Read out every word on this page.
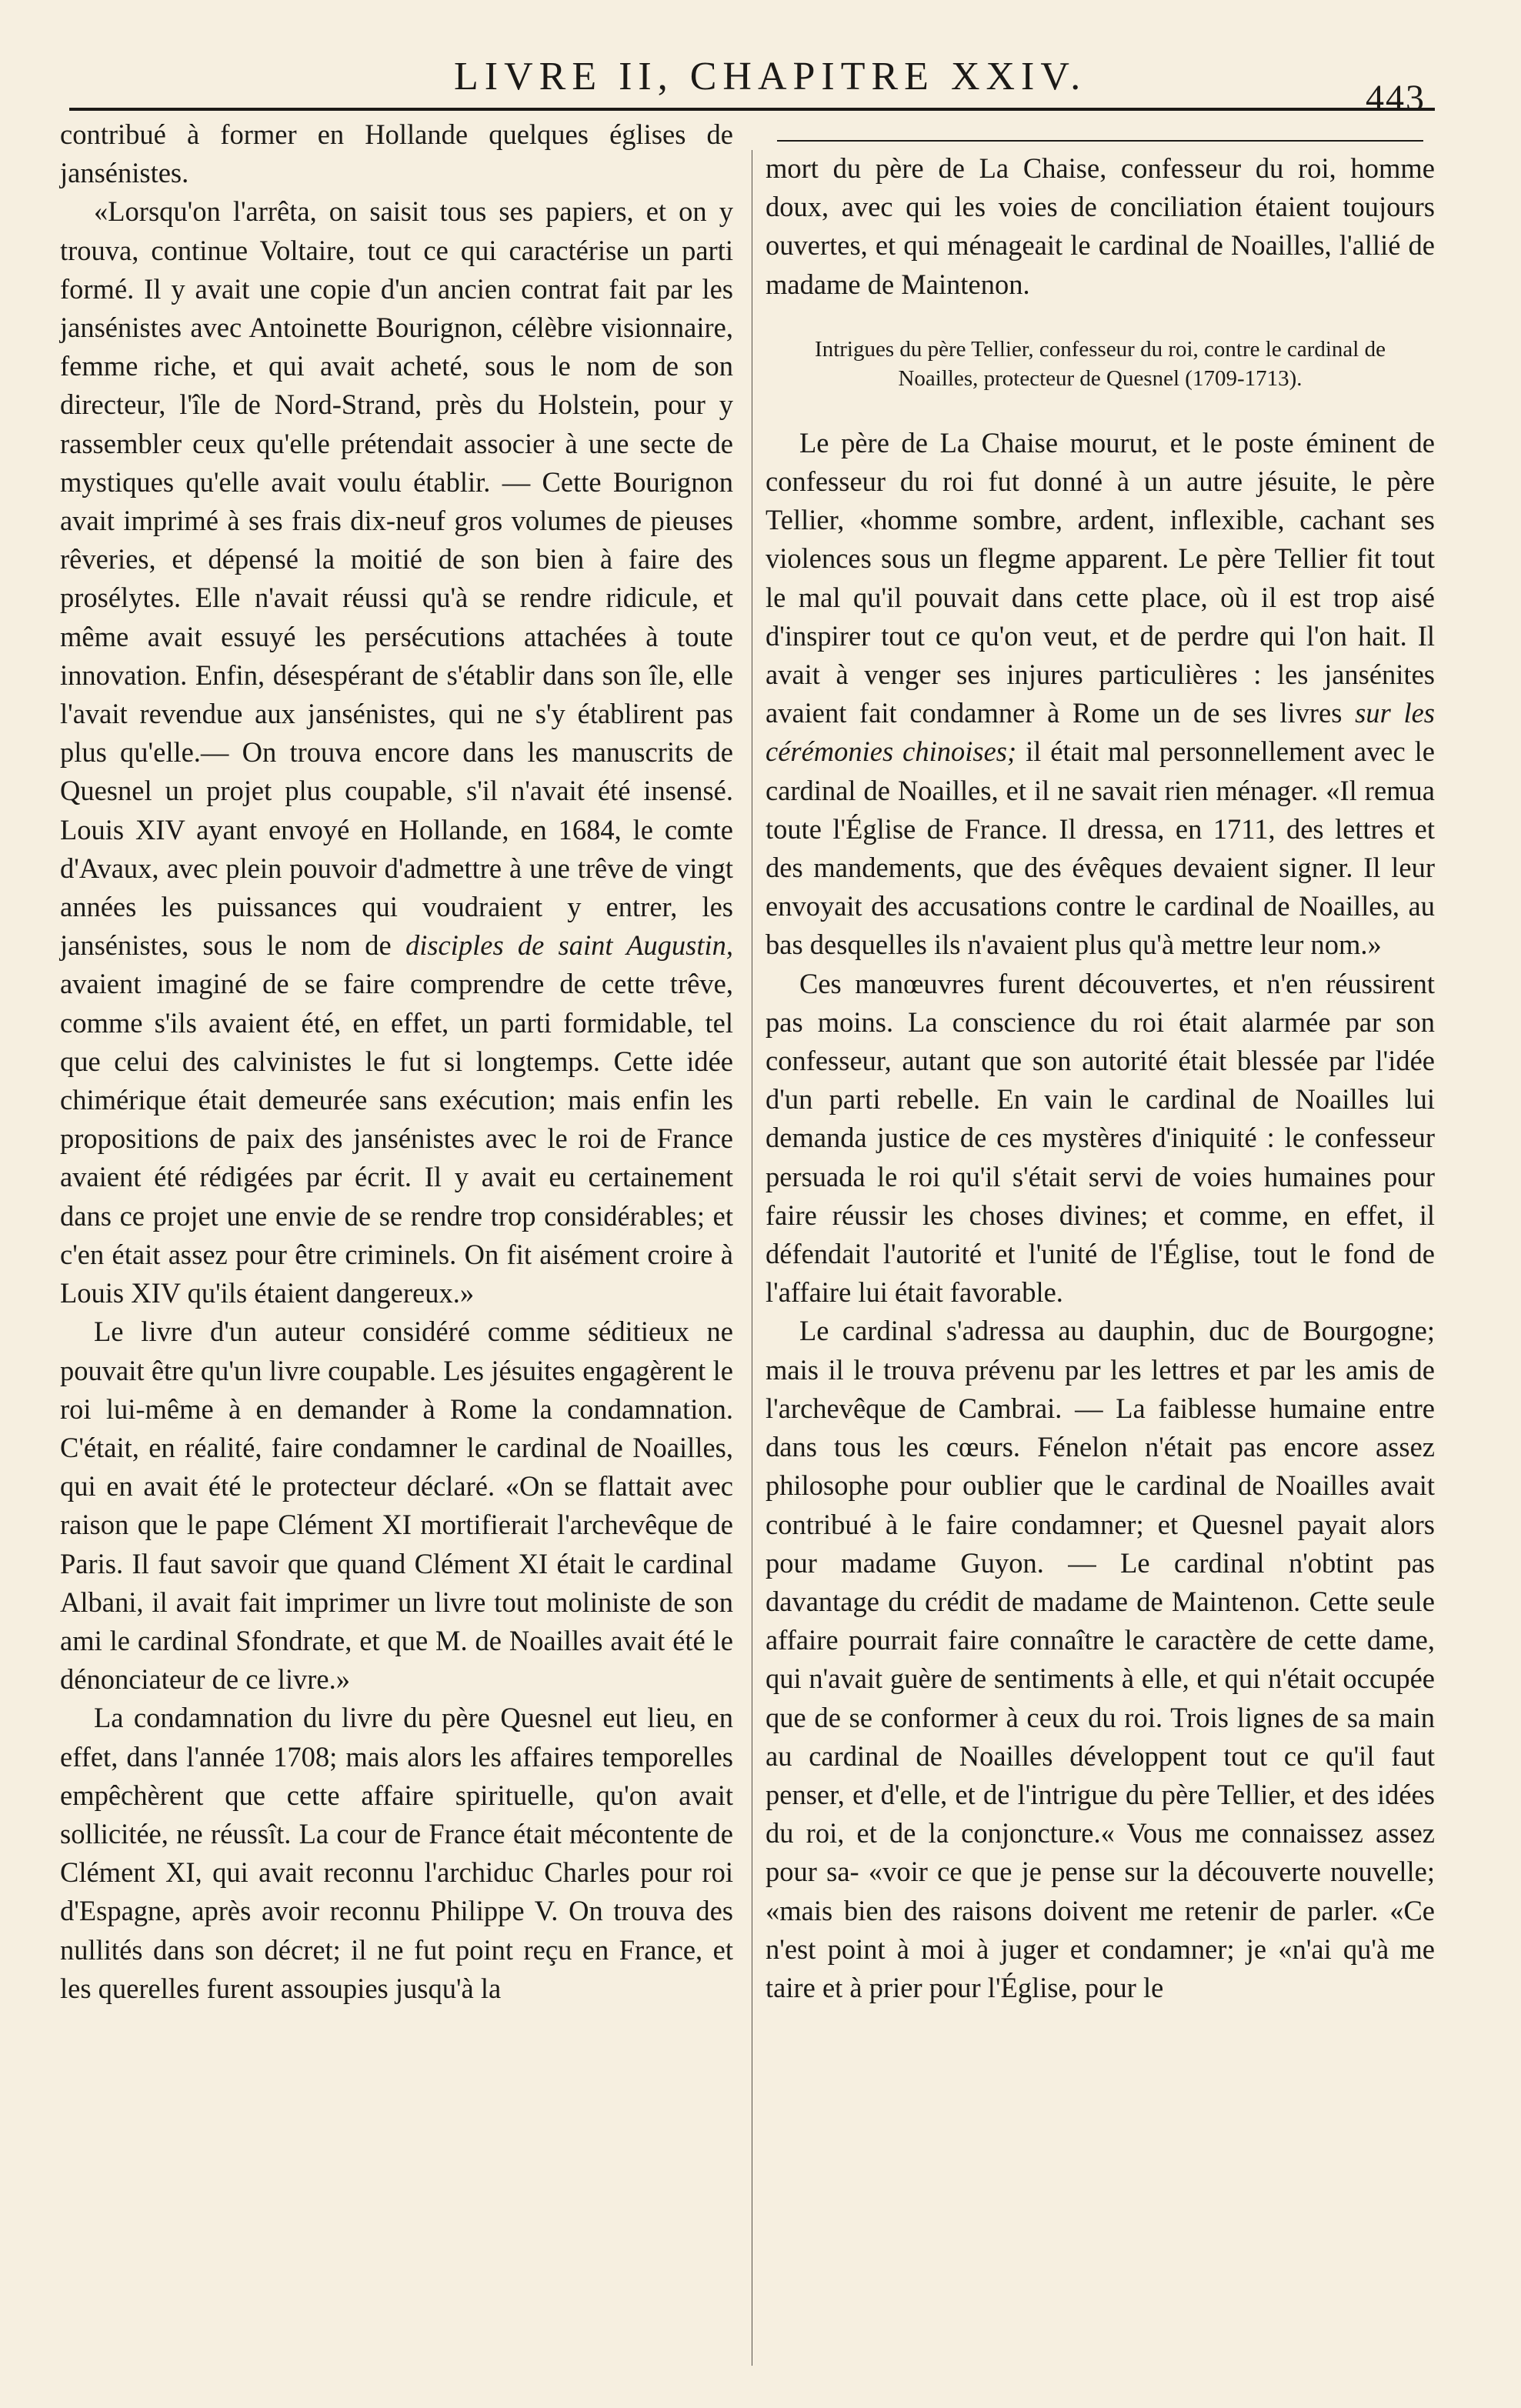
LIVRE II, CHAPITRE XXIV.	443

contribué à former en Hollande quelques églises de jansénistes.

«Lorsqu'on l'arrêta, on saisit tous ses papiers, et on y trouva, continue Voltaire, tout ce qui caractérise un parti formé. Il y avait une copie d'un ancien contrat fait par les jansénistes avec Antoinette Bourignon, célèbre visionnaire, femme riche, et qui avait acheté, sous le nom de son directeur, l'île de Nord-Strand, près du Holstein, pour y rassembler ceux qu'elle prétendait associer à une secte de mystiques qu'elle avait voulu établir. — Cette Bourignon avait imprimé à ses frais dix-neuf gros volumes de pieuses rêveries, et dépensé la moitié de son bien à faire des prosélytes. Elle n'avait réussi qu'à se rendre ridicule, et même avait essuyé les persécutions attachées à toute innovation. Enfin, désespérant de s'établir dans son île, elle l'avait revendue aux jansénistes, qui ne s'y établirent pas plus qu'elle.— On trouva encore dans les manuscrits de Quesnel un projet plus coupable, s'il n'avait été insensé. Louis XIV ayant envoyé en Hollande, en 1684, le comte d'Avaux, avec plein pouvoir d'admettre à une trêve de vingt années les puissances qui voudraient y entrer, les jansénistes, sous le nom de disciples de saint Augustin, avaient imaginé de se faire comprendre de cette trêve, comme s'ils avaient été, en effet, un parti formidable, tel que celui des calvinistes le fut si longtemps. Cette idée chimérique était demeurée sans exécution; mais enfin les propositions de paix des jansénistes avec le roi de France avaient été rédigées par écrit. Il y avait eu certainement dans ce projet une envie de se rendre trop considérables; et c'en était assez pour être criminels. On fit aisément croire à Louis XIV qu'ils étaient dangereux.»

Le livre d'un auteur considéré comme séditieux ne pouvait être qu'un livre coupable. Les jésuites engagèrent le roi lui-même à en demander à Rome la condamnation. C'était, en réalité, faire condamner le cardinal de Noailles, qui en avait été le protecteur déclaré. «On se flattait avec raison que le pape Clément XI mortifierait l'archevêque de Paris. Il faut savoir que quand Clément XI était le cardinal Albani, il avait fait imprimer un livre tout moliniste de son ami le cardinal Sfondrate, et que M. de Noailles avait été le dénonciateur de ce livre.»

La condamnation du livre du père Quesnel eut lieu, en effet, dans l'année 1708; mais alors les affaires temporelles empêchèrent que cette affaire spirituelle, qu'on avait sollicitée, ne réussît. La cour de France était mécontente de Clément XI, qui avait reconnu l'archiduc Charles pour roi d'Espagne, après avoir reconnu Philippe V. On trouva des nullités dans son décret; il ne fut point reçu en France, et les querelles furent assoupies jusqu'à la

mort du père de La Chaise, confesseur du roi, homme doux, avec qui les voies de conciliation étaient toujours ouvertes, et qui ménageait le cardinal de Noailles, l'allié de madame de Maintenon.

Intrigues du père Tellier, confesseur du roi, contre le cardinal de Noailles, protecteur de Quesnel (1709-1713).

Le père de La Chaise mourut, et le poste éminent de confesseur du roi fut donné à un autre jésuite, le père Tellier, «homme sombre, ardent, inflexible, cachant ses violences sous un flegme apparent. Le père Tellier fit tout le mal qu'il pouvait dans cette place, où il est trop aisé d'inspirer tout ce qu'on veut, et de perdre qui l'on hait. Il avait à venger ses injures particulières : les jansénites avaient fait condamner à Rome un de ses livres sur les cérémonies chinoises; il était mal personnellement avec le cardinal de Noailles, et il ne savait rien ménager. «Il remua toute l'Église de France. Il dressa, en 1711, des lettres et des mandements, que des évêques devaient signer. Il leur envoyait des accusations contre le cardinal de Noailles, au bas desquelles ils n'avaient plus qu'à mettre leur nom.»

Ces manœuvres furent découvertes, et n'en réussirent pas moins. La conscience du roi était alarmée par son confesseur, autant que son autorité était blessée par l'idée d'un parti rebelle. En vain le cardinal de Noailles lui demanda justice de ces mystères d'iniquité : le confesseur persuada le roi qu'il s'était servi de voies humaines pour faire réussir les choses divines; et comme, en effet, il défendait l'autorité et l'unité de l'Église, tout le fond de l'affaire lui était favorable.

Le cardinal s'adressa au dauphin, duc de Bourgogne; mais il le trouva prévenu par les lettres et par les amis de l'archevêque de Cambrai. — La faiblesse humaine entre dans tous les cœurs. Fénelon n'était pas encore assez philosophe pour oublier que le cardinal de Noailles avait contribué à le faire condamner; et Quesnel payait alors pour madame Guyon. — Le cardinal n'obtint pas davantage du crédit de madame de Maintenon. Cette seule affaire pourrait faire connaître le caractère de cette dame, qui n'avait guère de sentiments à elle, et qui n'était occupée que de se conformer à ceux du roi. Trois lignes de sa main au cardinal de Noailles développent tout ce qu'il faut penser, et d'elle, et de l'intrigue du père Tellier, et des idées du roi, et de la conjoncture.« Vous me connaissez assez pour sa- «voir ce que je pense sur la découverte nouvelle; «mais bien des raisons doivent me retenir de parler. «Ce n'est point à moi à juger et condamner; je «n'ai qu'à me taire et à prier pour l'Église, pour le
